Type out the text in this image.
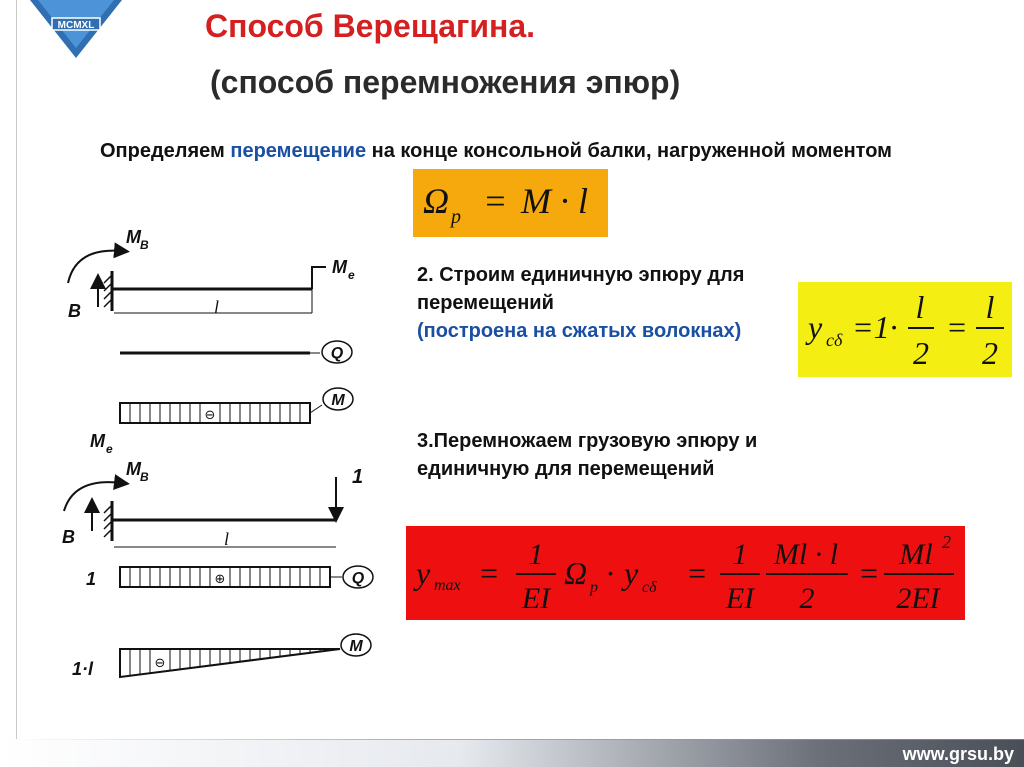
MCMXL	Способ Верещагина.
(способ перемножения эпюр)
Определяем перемещение на конце консольной балки, нагруженной моментом
Ω p = M · l
2. Строим единичную эпюру для перемещений
(построена на сжатых волокнах)	y cδ =1·
l
2
=
l
2
3.Перемножаем грузовую эпюру и единичную для перемещений
y max =
1
EI
Ω p · y cδ =
1
EI
Ml · l
2
=
Ml 2
2EI
M B
B
M e
l
Q
⊖
M
M e
M B
B
1
l
1	⊕	Q
1·l	⊖
M
www.grsu.by
